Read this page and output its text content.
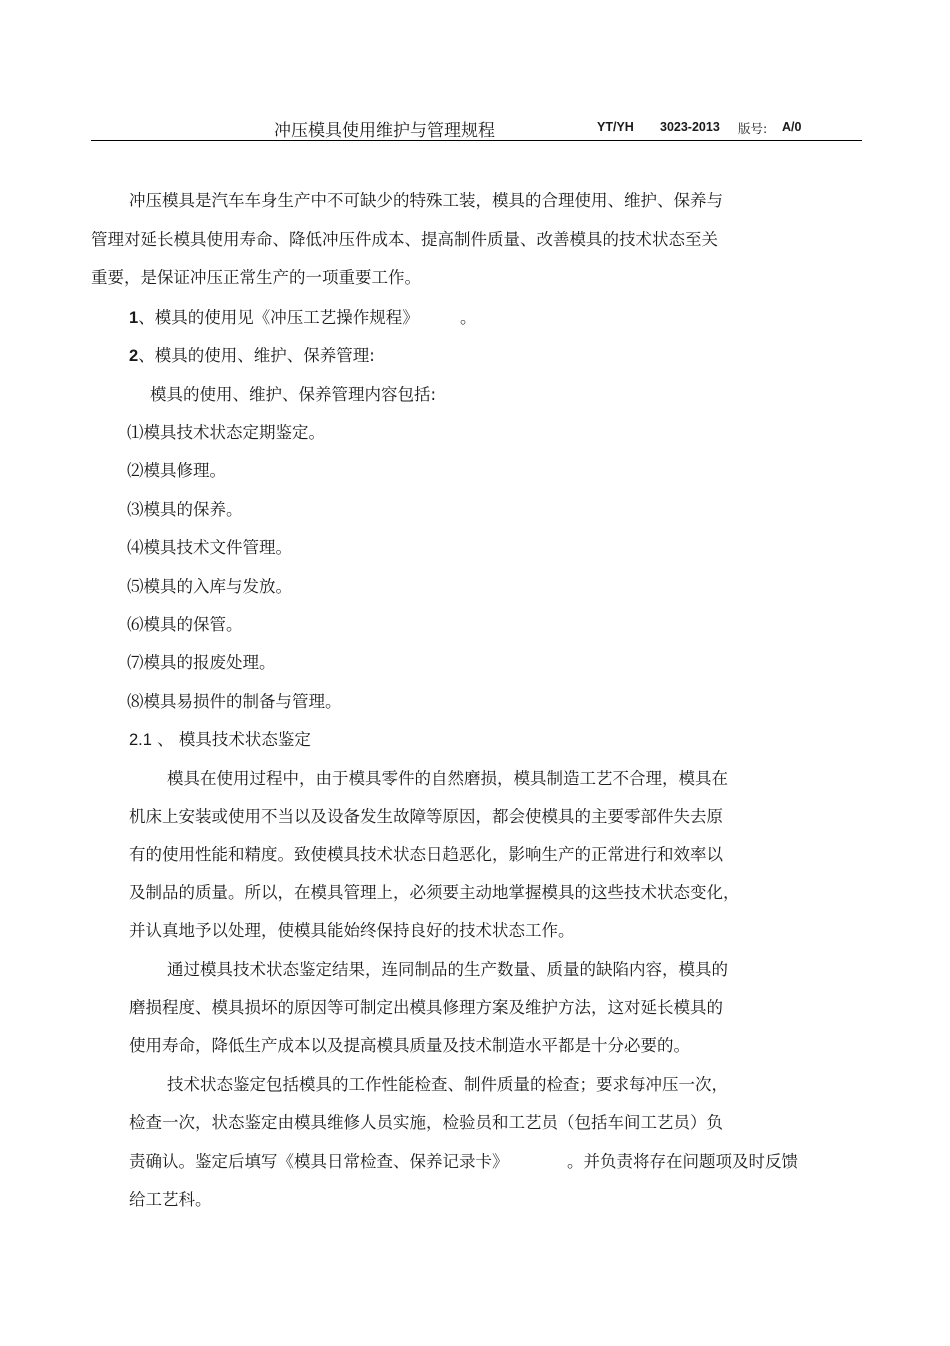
冲压模具使用维护与管理规程	YT/YH 3023-2013 版号: A/0
冲压模具是汽车车身生产中不可缺少的特殊工装，模具的合理使用、维护、保养与
管理对延长模具使用寿命、降低冲压件成本、提高制件质量、改善模具的技术状态至关
重要，是保证冲压正常生产的一项重要工作。
1、模具的使用见《冲压工艺操作规程》	。
2、模具的使用、维护、保养管理:
模具的使用、维护、保养管理内容包括:
⑴模具技术状态定期鉴定。
⑵模具修理。
⑶模具的保养。
⑷模具技术文件管理。
⑸模具的入库与发放。
⑹模具的保管。
⑺模具的报废处理。
⑻模具易损件的制备与管理。
2.1 、 模具技术状态鉴定
模具在使用过程中，由于模具零件的自然磨损，模具制造工艺不合理，模具在
机床上安装或使用不当以及设备发生故障等原因，都会使模具的主要零部件失去原
有的使用性能和精度。致使模具技术状态日趋恶化，影响生产的正常进行和效率以
及制品的质量。所以，在模具管理上，必须要主动地掌握模具的这些技术状态变化，
并认真地予以处理，使模具能始终保持良好的技术状态工作。
通过模具技术状态鉴定结果，连同制品的生产数量、质量的缺陷内容，模具的
磨损程度、模具损坏的原因等可制定出模具修理方案及维护方法，这对延长模具的
使用寿命，降低生产成本以及提高模具质量及技术制造水平都是十分必要的。
技术状态鉴定包括模具的工作性能检查、制件质量的检查；要求每冲压一次，
检查一次，状态鉴定由模具维修人员实施，检验员和工艺员（包括车间工艺员）负
责确认。鉴定后填写《模具日常检查、保养记录卡》	。并负责将存在问题项及时反馈
给工艺科。
